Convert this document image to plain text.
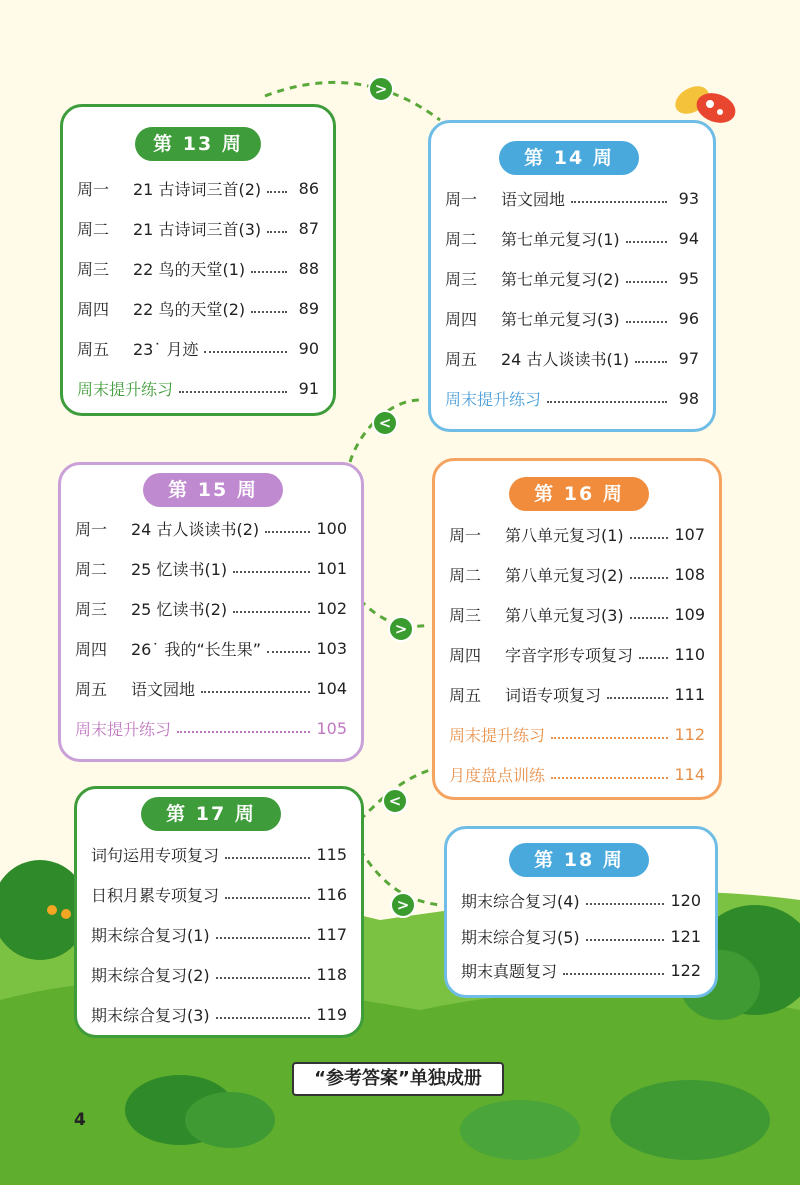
>
<
>
<
>
第 13 周
周一	21 古诗词三首(2)	86
周二	21 古诗词三首(3)	87
周三	22 鸟的天堂(1)	88
周四	22 鸟的天堂(2)	89
周五	23˙ 月迹	90
周末提升练习	91
第 14 周
周一	语文园地	93
周二	第七单元复习(1)	94
周三	第七单元复习(2)	95
周四	第七单元复习(3)	96
周五	24 古人谈读书(1)	97
周末提升练习	98
第 15 周
周一	24 古人谈读书(2)	100
周二	25 忆读书(1)	101
周三	25 忆读书(2)	102
周四	26˙ 我的“长生果”	103
周五	语文园地	104
周末提升练习	105
第 16 周
周一	第八单元复习(1)	107
周二	第八单元复习(2)	108
周三	第八单元复习(3)	109
周四	字音字形专项复习	110
周五	词语专项复习	111
周末提升练习	112
月度盘点训练	114
第 17 周
词句运用专项复习	115
日积月累专项复习	116
期末综合复习(1)	117
期末综合复习(2)	118
期末综合复习(3)	119
第 18 周
期末综合复习(4)	120
期末综合复习(5)	121
期末真题复习	122
“参考答案”单独成册
4
